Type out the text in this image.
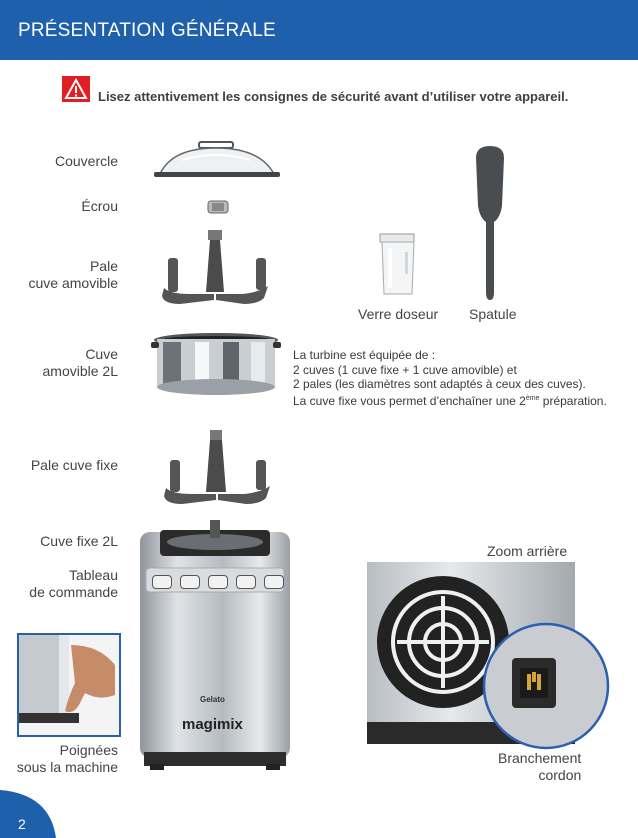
PRÉSENTATION GÉNÉRALE
Lisez attentivement les consignes de sécurité avant d’utiliser votre appareil.
Couvercle
Écrou
Pale
cuve amovible
Cuve
amovible 2L
Pale cuve fixe
Cuve fixe 2L
Tableau
de commande
Poignées
sous la machine
Verre doseur Spatule
La turbine est équipée de :
2 cuves (1 cuve fixe + 1 cuve amovible) et
2 pales (les diamètres sont adaptés à ceux des cuves).
La cuve fixe vous permet d’enchaîner une 2ème préparation.
Gelato
magimix
Zoom arrière
Branchement
cordon
2
